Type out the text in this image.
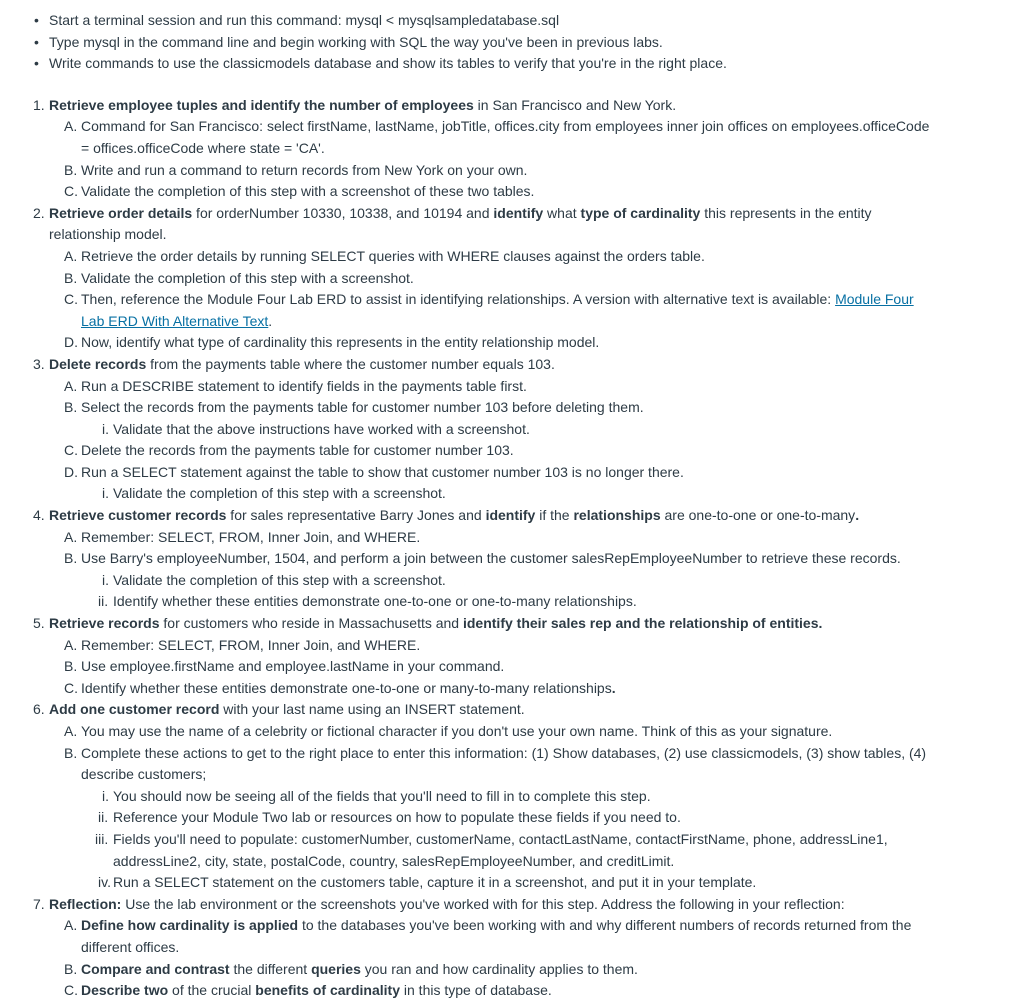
• Start a terminal session and run this command: mysql < mysqlsampledatabase.sql
• Type mysql in the command line and begin working with SQL the way you've been in previous labs.
• Write commands to use the classicmodels database and show its tables to verify that you're in the right place.
1. Retrieve employee tuples and identify the number of employees in San Francisco and New York.
A. Command for San Francisco: select firstName, lastName, jobTitle, offices.city from employees inner join offices on employees.officeCode
= offices.officeCode where state = 'CA'.
B. Write and run a command to return records from New York on your own.
C. Validate the completion of this step with a screenshot of these two tables.
2. Retrieve order details for orderNumber 10330, 10338, and 10194 and identify what type of cardinality this represents in the entity
relationship model.
A. Retrieve the order details by running SELECT queries with WHERE clauses against the orders table.
B. Validate the completion of this step with a screenshot.
C. Then, reference the Module Four Lab ERD to assist in identifying relationships. A version with alternative text is available: Module Four
Lab ERD With Alternative Text.
D. Now, identify what type of cardinality this represents in the entity relationship model.
3. Delete records from the payments table where the customer number equals 103.
A. Run a DESCRIBE statement to identify fields in the payments table first.
B. Select the records from the payments table for customer number 103 before deleting them.
i. Validate that the above instructions have worked with a screenshot.
C. Delete the records from the payments table for customer number 103.
D. Run a SELECT statement against the table to show that customer number 103 is no longer there.
i. Validate the completion of this step with a screenshot.
4. Retrieve customer records for sales representative Barry Jones and identify if the relationships are one-to-one or one-to-many.
A. Remember: SELECT, FROM, Inner Join, and WHERE.
B. Use Barry's employeeNumber, 1504, and perform a join between the customer salesRepEmployeeNumber to retrieve these records.
i. Validate the completion of this step with a screenshot.
ii. Identify whether these entities demonstrate one-to-one or one-to-many relationships.
5. Retrieve records for customers who reside in Massachusetts and identify their sales rep and the relationship of entities.
A. Remember: SELECT, FROM, Inner Join, and WHERE.
B. Use employee.firstName and employee.lastName in your command.
C. Identify whether these entities demonstrate one-to-one or many-to-many relationships.
6. Add one customer record with your last name using an INSERT statement.
A. You may use the name of a celebrity or fictional character if you don't use your own name. Think of this as your signature.
B. Complete these actions to get to the right place to enter this information: (1) Show databases, (2) use classicmodels, (3) show tables, (4)
describe customers;
i. You should now be seeing all of the fields that you'll need to fill in to complete this step.
ii. Reference your Module Two lab or resources on how to populate these fields if you need to.
iii. Fields you'll need to populate: customerNumber, customerName, contactLastName, contactFirstName, phone, addressLine1,
addressLine2, city, state, postalCode, country, salesRepEmployeeNumber, and creditLimit.
iv. Run a SELECT statement on the customers table, capture it in a screenshot, and put it in your template.
7. Reflection: Use the lab environment or the screenshots you've worked with for this step. Address the following in your reflection:
A. Define how cardinality is applied to the databases you've been working with and why different numbers of records returned from the
different offices.
B. Compare and contrast the different queries you ran and how cardinality applies to them.
C. Describe two of the crucial benefits of cardinality in this type of database.
